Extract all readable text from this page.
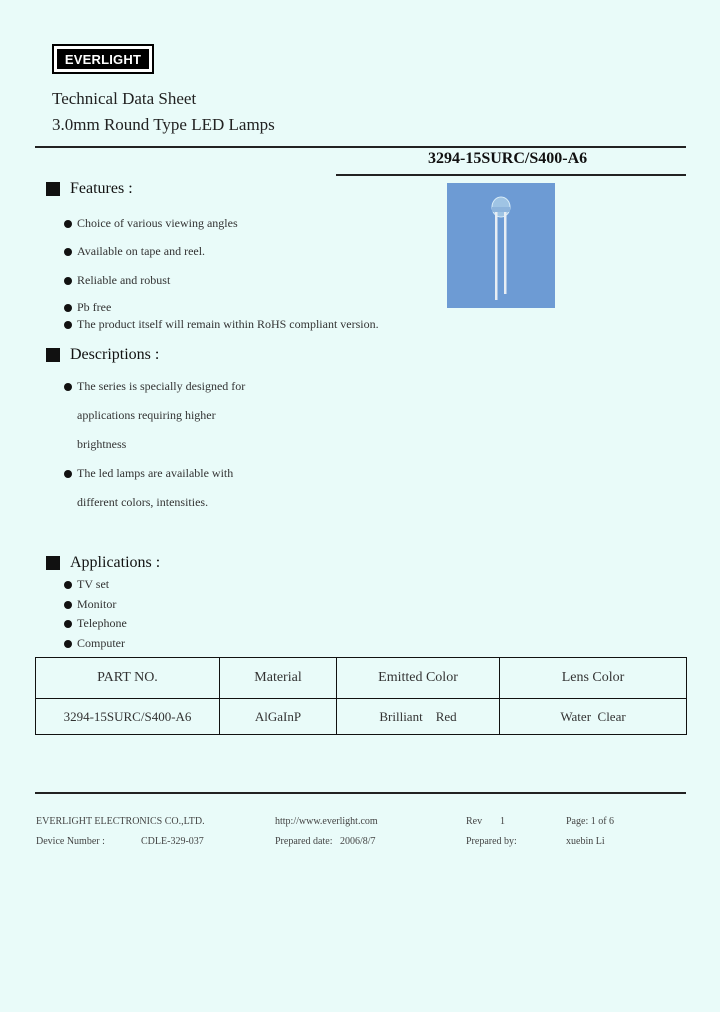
EVERLIGHT
Technical Data Sheet
3.0mm Round Type LED Lamps
3294-15SURC/S400-A6
Features :
Choice of various viewing angles
Available on tape and reel.
Reliable and robust
Pb free
The product itself will remain within RoHS compliant version.
Descriptions :
The series is specially designed for
applications requiring higher
brightness
The led lamps are available with
different colors, intensities.
Applications :
TV set
Monitor
Telephone
Computer
PART NO.	Material	Emitted Color	Lens Color
3294-15SURC/S400-A6	AlGaInP	Brilliant    Red	Water  Clear
EVERLIGHT ELECTRONICS CO.,LTD.	http://www.everlight.com	Rev 1	Page: 1 of 6
Device Number :	CDLE-329-037	Prepared date: 2006/8/7	Prepared by:	xuebin Li
